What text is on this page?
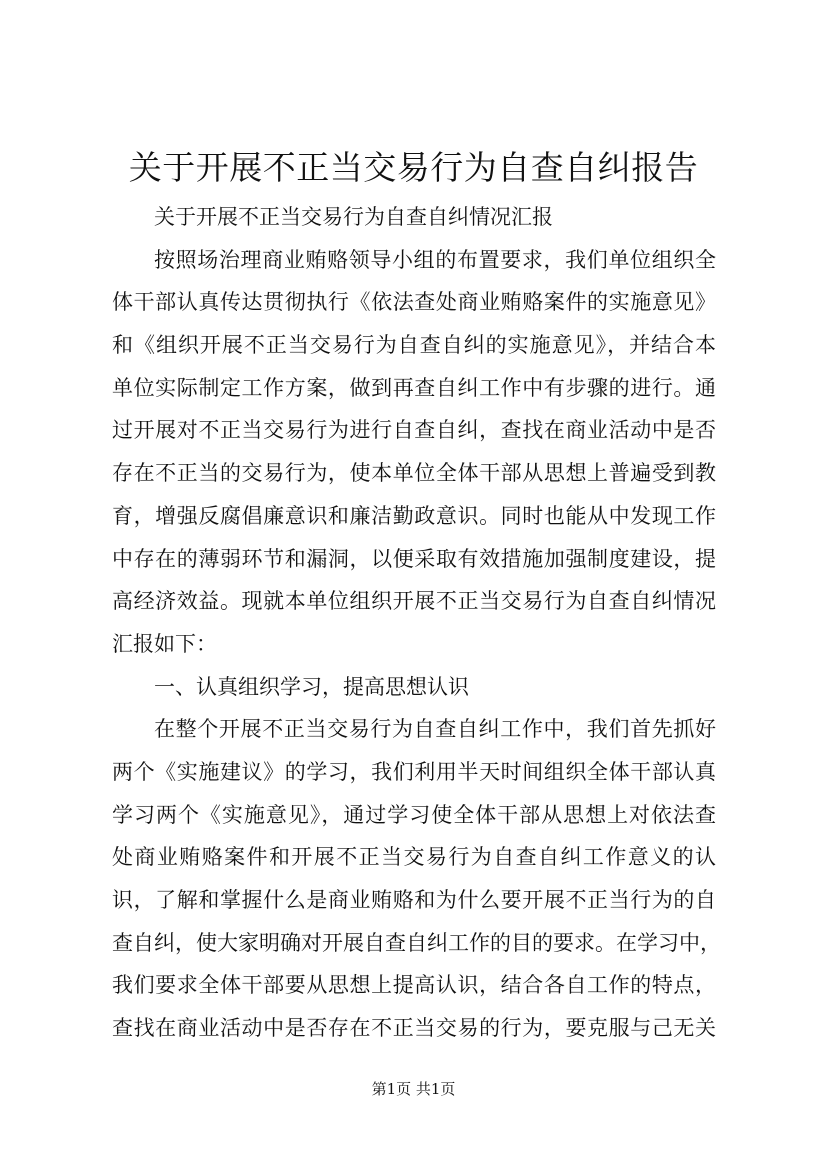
关于开展不正当交易行为自查自纠报告
关于开展不正当交易行为自查自纠情况汇报
按照场治理商业贿赂领导小组的布置要求，我们单位组织全
体干部认真传达贯彻执行《依法查处商业贿赂案件的实施意见》
和《组织开展不正当交易行为自查自纠的实施意见》，并结合本
单位实际制定工作方案，做到再查自纠工作中有步骤的进行。通
过开展对不正当交易行为进行自查自纠，查找在商业活动中是否
存在不正当的交易行为，使本单位全体干部从思想上普遍受到教
育，增强反腐倡廉意识和廉洁勤政意识。同时也能从中发现工作
中存在的薄弱环节和漏洞，以便采取有效措施加强制度建设，提
高经济效益。现就本单位组织开展不正当交易行为自查自纠情况
汇报如下：
一、认真组织学习，提高思想认识
在整个开展不正当交易行为自查自纠工作中，我们首先抓好
两个《实施建议》的学习，我们利用半天时间组织全体干部认真
学习两个《实施意见》，通过学习使全体干部从思想上对依法查
处商业贿赂案件和开展不正当交易行为自查自纠工作意义的认
识，了解和掌握什么是商业贿赂和为什么要开展不正当行为的自
查自纠，使大家明确对开展自查自纠工作的目的要求。在学习中，
我们要求全体干部要从思想上提高认识，结合各自工作的特点，
查找在商业活动中是否存在不正当交易的行为，要克服与己无关
第1页 共1页
